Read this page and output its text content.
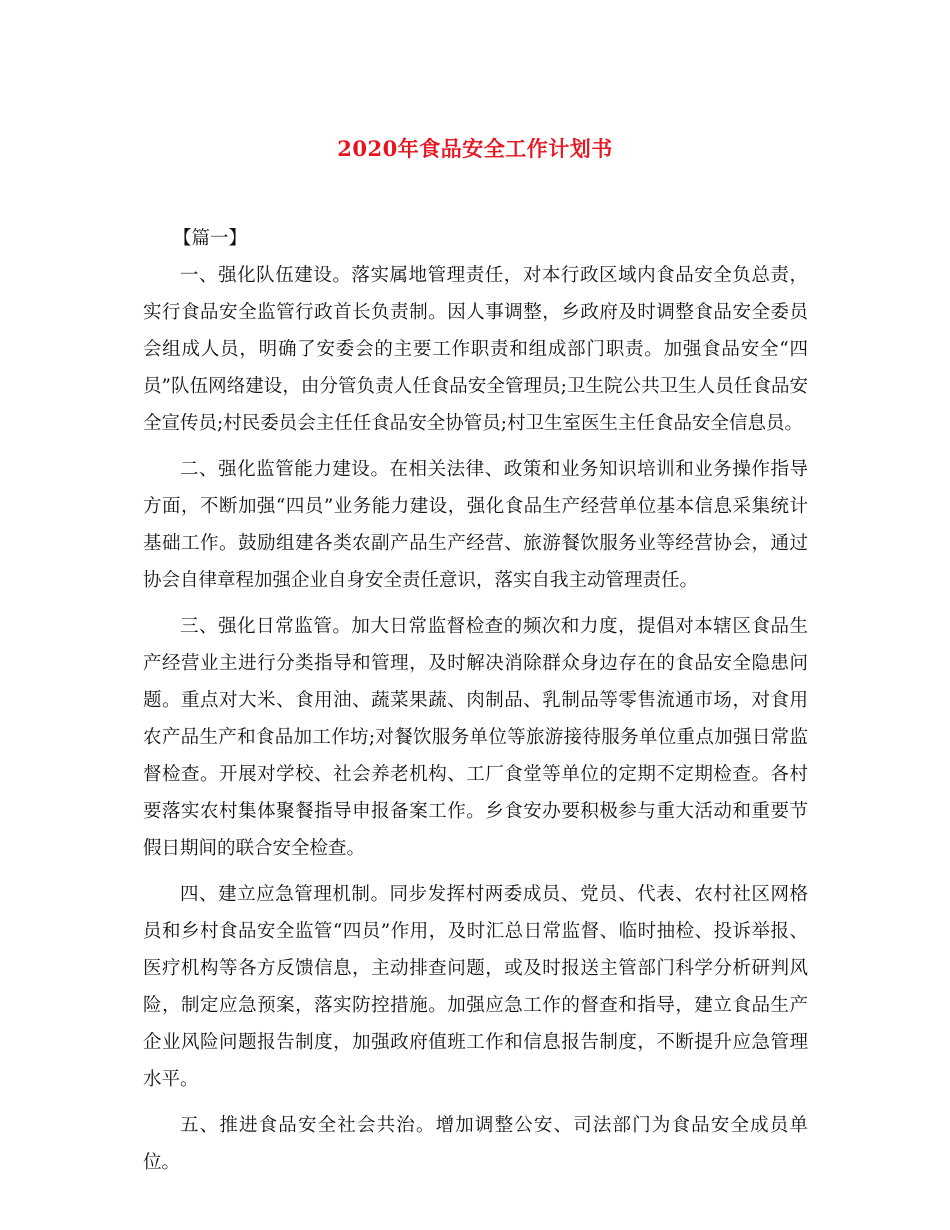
2020年食品安全工作计划书

【篇一】

一、强化队伍建设。落实属地管理责任，对本行政区域内食品安全负总责，实行食品安全监管行政首长负责制。因人事调整，乡政府及时调整食品安全委员会组成人员，明确了安委会的主要工作职责和组成部门职责。加强食品安全“四员”队伍网络建设，由分管负责人任食品安全管理员;卫生院公共卫生人员任食品安全宣传员;村民委员会主任任食品安全协管员;村卫生室医生主任食品安全信息员。

二、强化监管能力建设。在相关法律、政策和业务知识培训和业务操作指导方面，不断加强“四员”业务能力建设，强化食品生产经营单位基本信息采集统计基础工作。鼓励组建各类农副产品生产经营、旅游餐饮服务业等经营协会，通过协会自律章程加强企业自身安全责任意识，落实自我主动管理责任。

三、强化日常监管。加大日常监督检查的频次和力度，提倡对本辖区食品生产经营业主进行分类指导和管理，及时解决消除群众身边存在的食品安全隐患问题。重点对大米、食用油、蔬菜果蔬、肉制品、乳制品等零售流通市场，对食用农产品生产和食品加工作坊;对餐饮服务单位等旅游接待服务单位重点加强日常监督检查。开展对学校、社会养老机构、工厂食堂等单位的定期不定期检查。各村要落实农村集体聚餐指导申报备案工作。乡食安办要积极参与重大活动和重要节假日期间的联合安全检查。

四、建立应急管理机制。同步发挥村两委成员、党员、代表、农村社区网格员和乡村食品安全监管“四员”作用，及时汇总日常监督、临时抽检、投诉举报、医疗机构等各方反馈信息，主动排查问题，或及时报送主管部门科学分析研判风险，制定应急预案，落实防控措施。加强应急工作的督查和指导，建立食品生产企业风险问题报告制度，加强政府值班工作和信息报告制度，不断提升应急管理水平。

五、推进食品安全社会共治。增加调整公安、司法部门为食品安全成员单位。
